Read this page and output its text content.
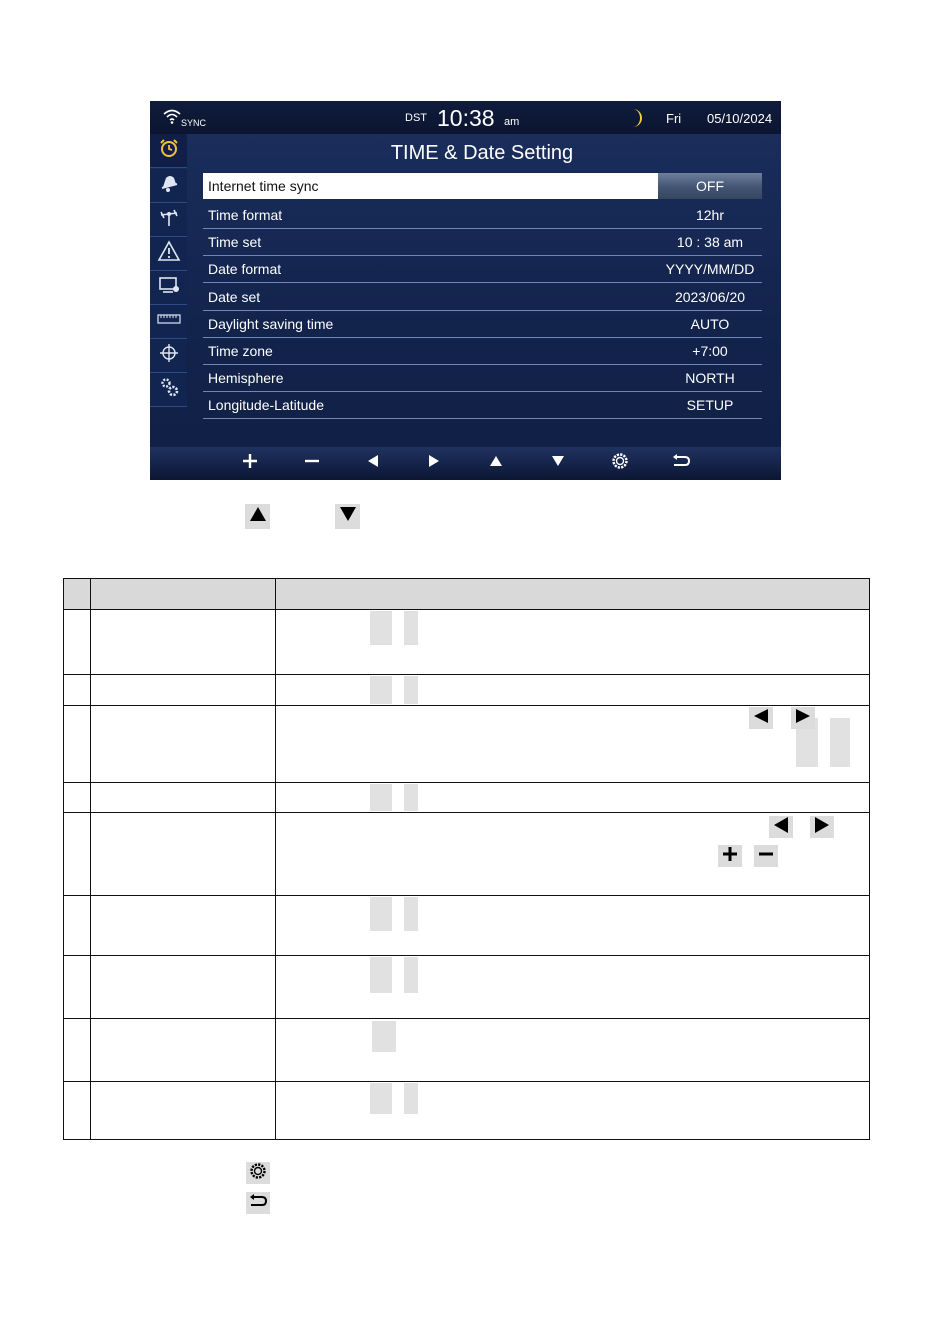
SYNC	DST 10:38 am	Fri 05/10/2024
TIME & Date Setting
Internet time sync	OFF
Time format	12hr
Time set	10 : 38 am
Date format	YYYY/MM/DD
Date set	2023/06/20
Daylight saving time	AUTO
Time zone	+7:00
Hemisphere	NORTH
Longitude-Latitude	SETUP
